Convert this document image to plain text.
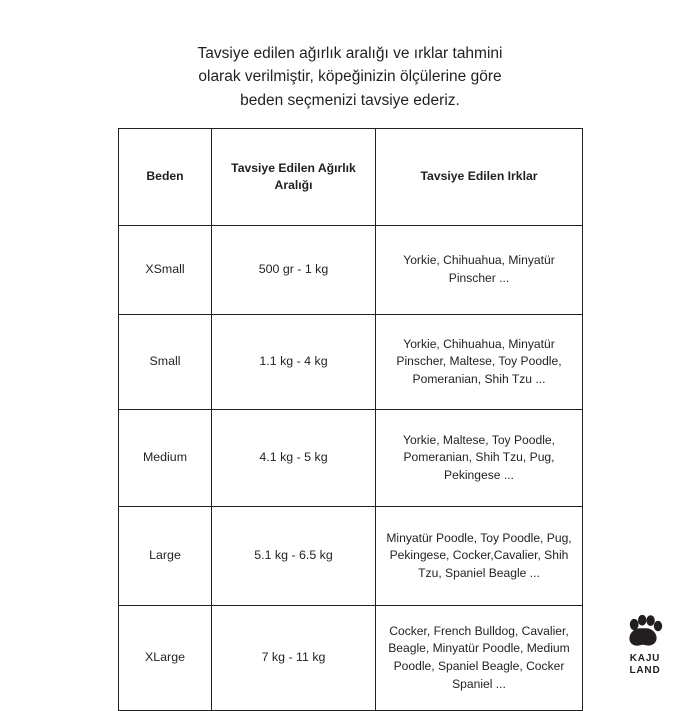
Tavsiye edilen ağırlık aralığı ve ırklar tahmini
olarak verilmiştir, köpeğinizin ölçülerine göre
beden seçmenizi tavsiye ederiz.
Beden	Tavsiye Edilen Ağırlık Aralığı	Tavsiye Edilen Irklar
XSmall	500 gr - 1 kg	Yorkie, Chihuahua, Minyatür Pinscher ...
Small	1.1 kg - 4 kg	Yorkie, Chihuahua, Minyatür Pinscher, Maltese, Toy Poodle, Pomeranian, Shih Tzu ...
Medium	4.1 kg - 5 kg	Yorkie, Maltese, Toy Poodle, Pomeranian, Shih Tzu, Pug, Pekingese ...
Large	5.1 kg - 6.5 kg	Minyatür Poodle, Toy Poodle, Pug, Pekingese, Cocker,Cavalier, Shih Tzu, Spaniel Beagle ...
XLarge	7 kg - 11 kg	Cocker, French Bulldog, Cavalier, Beagle, Minyatür Poodle, Medium Poodle, Spaniel Beagle, Cocker Spaniel ...
KAJU
LAND
